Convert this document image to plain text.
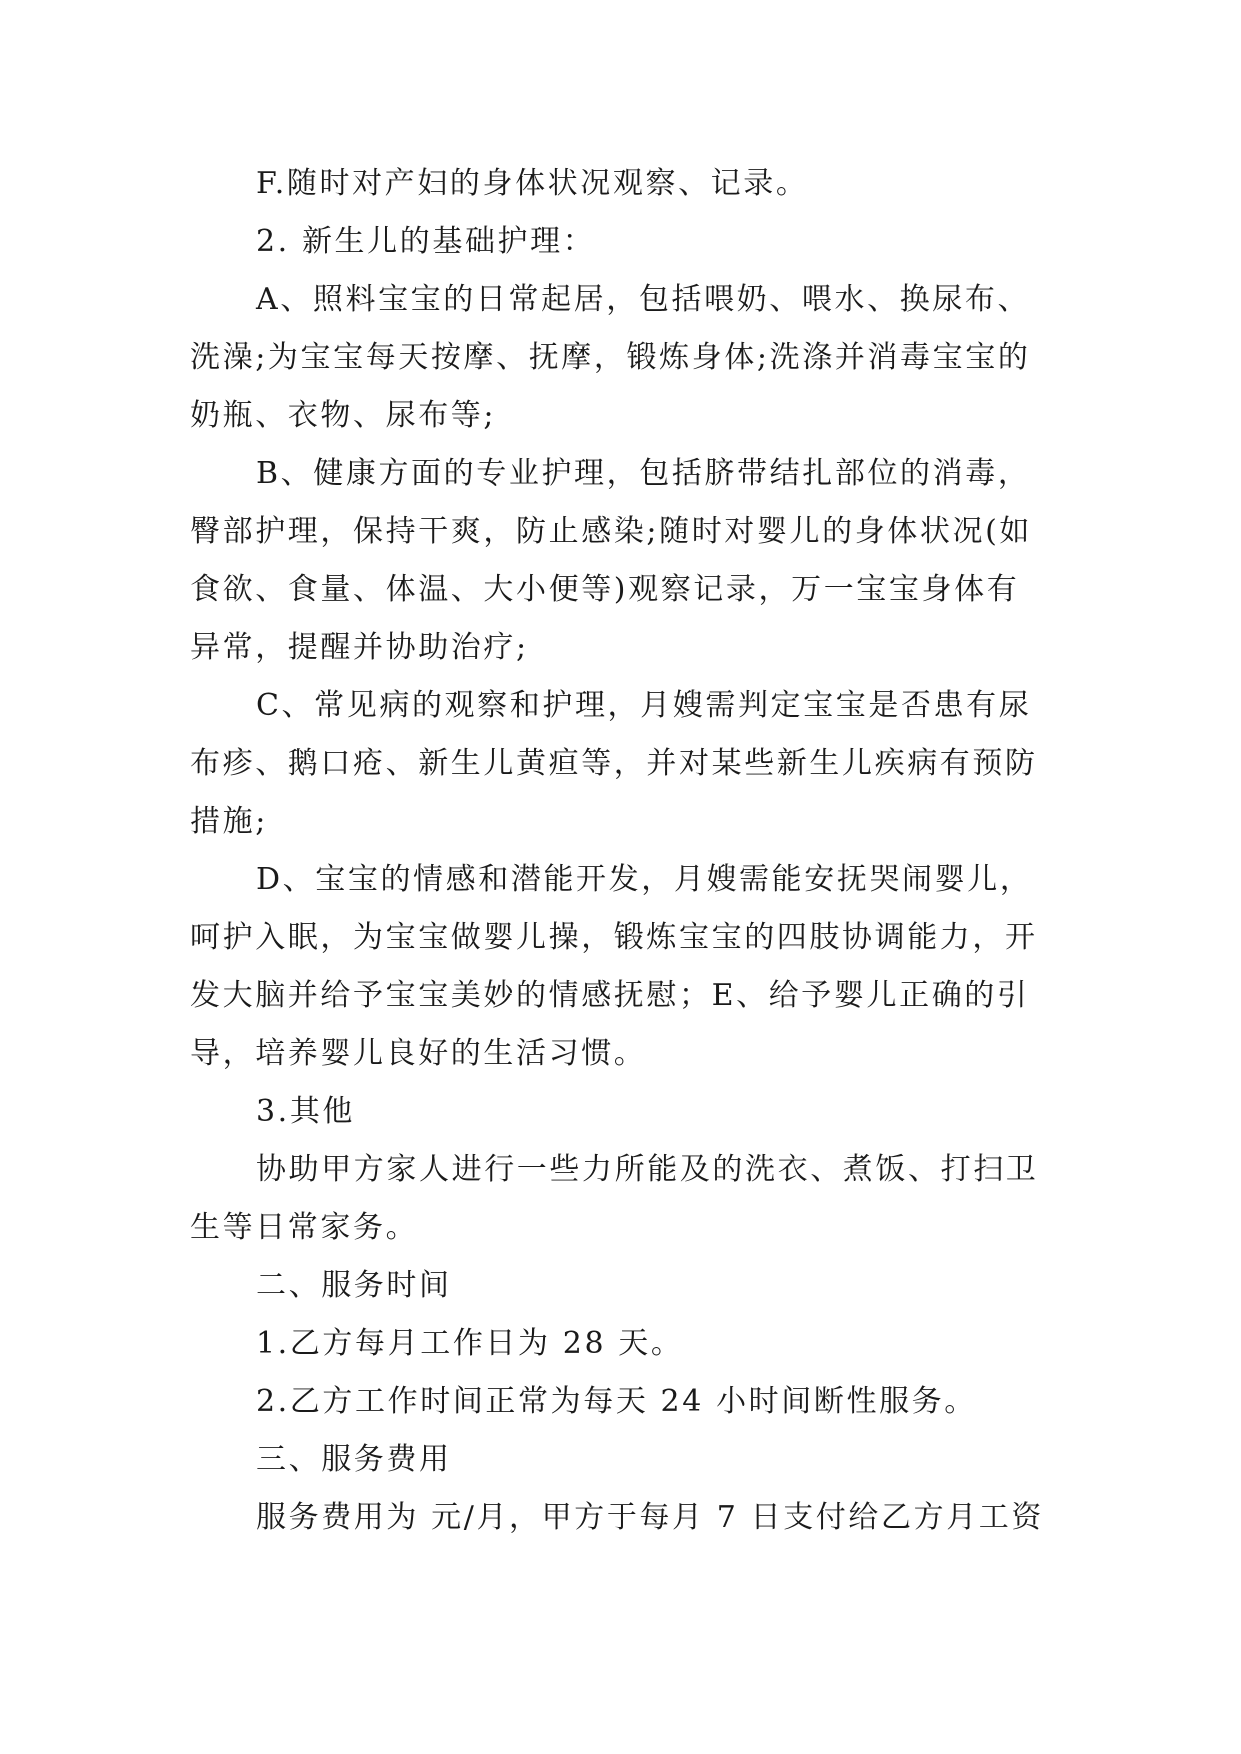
F.随时对产妇的身体状况观察、记录。
2. 新生儿的基础护理：
A、照料宝宝的日常起居，包括喂奶、喂水、换尿布、
洗澡;为宝宝每天按摩、抚摩，锻炼身体;洗涤并消毒宝宝的
奶瓶、衣物、尿布等;
B、健康方面的专业护理，包括脐带结扎部位的消毒，
臀部护理，保持干爽，防止感染;随时对婴儿的身体状况(如
食欲、食量、体温、大小便等)观察记录，万一宝宝身体有
异常，提醒并协助治疗;
C、常见病的观察和护理，月嫂需判定宝宝是否患有尿
布疹、鹅口疮、新生儿黄疸等，并对某些新生儿疾病有预防
措施;
D、宝宝的情感和潜能开发，月嫂需能安抚哭闹婴儿，
呵护入眠，为宝宝做婴儿操，锻炼宝宝的四肢协调能力，开
发大脑并给予宝宝美妙的情感抚慰；E、给予婴儿正确的引
导，培养婴儿良好的生活习惯。
3.其他
协助甲方家人进行一些力所能及的洗衣、煮饭、打扫卫
生等日常家务。
二、服务时间
1.乙方每月工作日为 28 天。
2.乙方工作时间正常为每天 24 小时间断性服务。
三、服务费用
服务费用为 元/月，甲方于每月 7 日支付给乙方月工资
